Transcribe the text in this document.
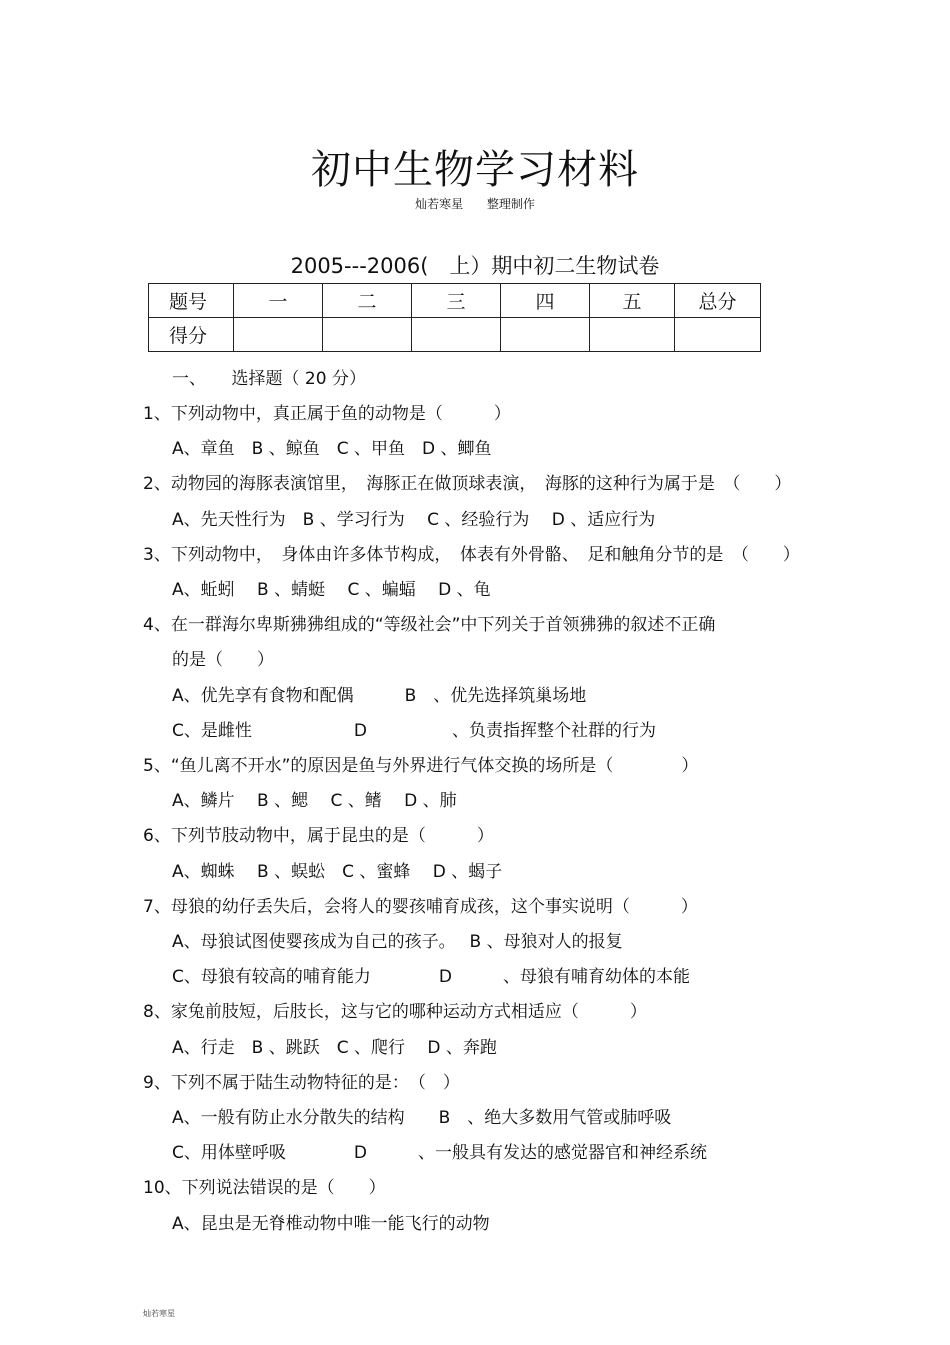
初中生物学习材料
灿若寒星 整理制作
2005---2006(　上）期中初二生物试卷
题号	一	二	三	四	五	总分
得分						
一、　　选择题（ 20 分）
1、下列动物中，真正属于鱼的动物是（　　　）
A、章鱼　B 、鲸鱼　C 、甲鱼　D 、鲫鱼
2、动物园的海豚表演馆里，　海豚正在做顶球表演，　海豚的这种行为属于是　（　　）
A、先天性行为　B 、学习行为　 C 、经验行为　 D 、适应行为
3、下列动物中，　身体由许多体节构成，　体表有外骨骼、　足和触角分节的是　（　　）
A、蚯蚓　 B 、蜻蜓　 C 、蝙蝠　 D 、龟
4、在一群海尔卑斯狒狒组成的“等级社会”中下列关于首领狒狒的叙述不正确
的是（　　）
A、优先享有食物和配偶　　　B　、优先选择筑巢场地
C、是雌性　　　　　　D　　　　　、负责指挥整个社群的行为
5、“鱼儿离不开水”的原因是鱼与外界进行气体交换的场所是（　　　　）
A、鳞片　 B 、鳃　 C 、鳍　 D 、肺
6、下列节肢动物中，属于昆虫的是（　　　）
A、蜘蛛　 B 、蜈蚣　C 、蜜蜂　 D 、蝎子
7、母狼的幼仔丢失后，会将人的婴孩哺育成孩，这个事实说明（　　　）
A、母狼试图使婴孩成为自己的孩子。　 B 、母狼对人的报复
C、母狼有较高的哺育能力　　　　D　　　、母狼有哺育幼体的本能
8、家兔前肢短，后肢长，这与它的哪种运动方式相适应（　　　）
A、行走　B 、跳跃　C 、爬行　 D 、奔跑
9、下列不属于陆生动物特征的是：　（　）
A、一般有防止水分散失的结构　　B　、绝大多数用气管或肺呼吸
C、用体壁呼吸　　　　D　　　、一般具有发达的感觉器官和神经系统
10、下列说法错误的是（　　）
A、昆虫是无脊椎动物中唯一能飞行的动物
灿若寒星
